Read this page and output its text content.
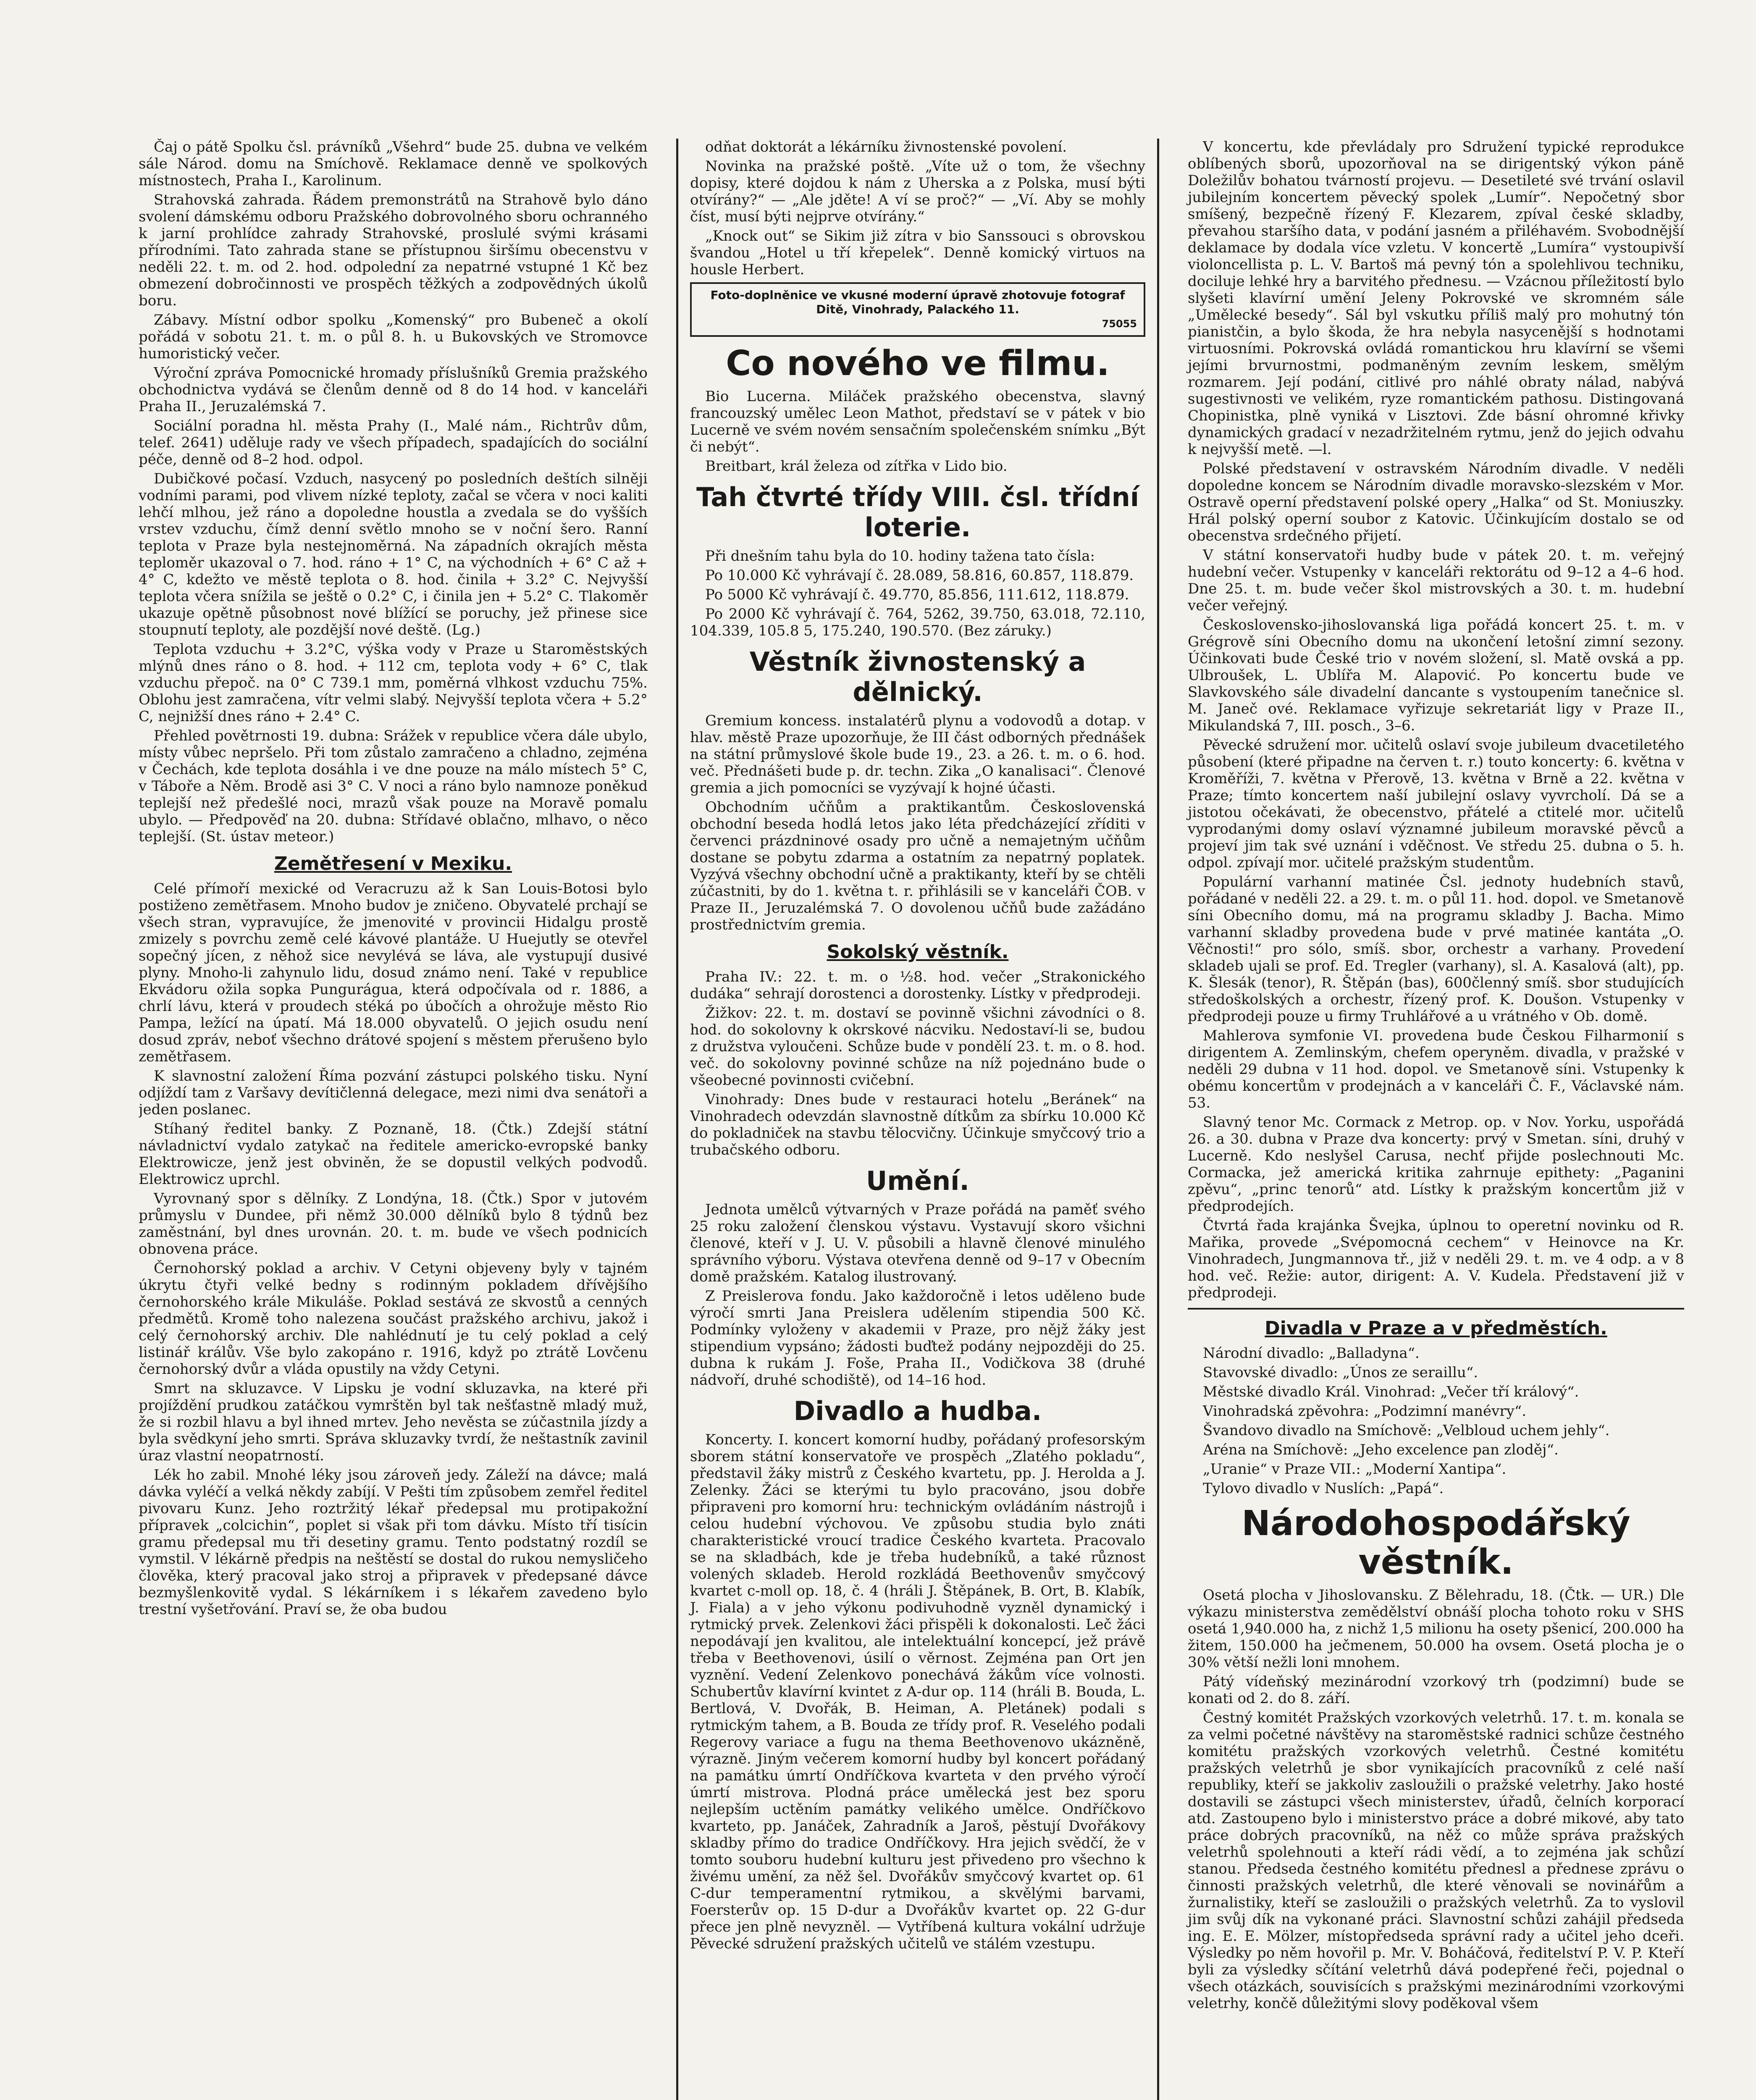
Čaj o pátě Spolku čsl. právníků „Všehrd“ bude 25. dubna ve velkém sále Národ. domu na Smíchově. Reklamace denně ve spolkových místnostech, Praha I., Karolinum.

Strahovská zahrada. Řádem premonstrátů na Strahově bylo dáno svolení dámskému odboru Pražského dobrovolného sboru ochranného k jarní prohlídce zahrady Strahovské, proslulé svými krásami přírodními. Tato zahrada stane se přístupnou širšímu obecenstvu v neděli 22. t. m. od 2. hod. odpolední za nepatrné vstupné 1 Kč bez obmezení dobročinnosti ve prospěch těžkých a zodpovědných úkolů boru.

Zábavy. Místní odbor spolku „Komenský“ pro Bubeneč a okolí pořádá v sobotu 21. t. m. o půl 8. h. u Bukovských ve Stromovce humoristický večer.

Výroční zpráva Pomocnické hromady příslušníků Gremia pražského obchodnictva vydává se členům denně od 8 do 14 hod. v kanceláři Praha II., Jeruzalémská 7.

Sociální poradna hl. města Prahy (I., Malé nám., Richtrův dům, telef. 2641) uděluje rady ve všech případech, spadajících do sociální péče, denně od 8–2 hod. odpol.

Dubičkové počasí. Vzduch, nasycený po posledních deštích silněji vodními parami, pod vlivem nízké teploty, začal se včera v noci kaliti lehčí mlhou, jež ráno a dopoledne houstla a zvedala se do vyšších vrstev vzduchu, čímž denní světlo mnoho se v noční šero. Ranní teplota v Praze byla nestejnoměrná. Na západních okrajích města teploměr ukazoval o 7. hod. ráno + 1° C, na východních + 6° C až + 4° C, kdežto ve městě teplota o 8. hod. činila + 3.2° C. Nejvyšší teplota včera snížila se ještě o 0.2° C, i činila jen + 5.2° C. Tlakoměr ukazuje opětně působnost nové blížící se poruchy, jež přinese sice stoupnutí teploty, ale pozdější nové deště. (Lg.)

Teplota vzduchu + 3.2°C, výška vody v Praze u Staroměstských mlýnů dnes ráno o 8. hod. + 112 cm, teplota vody + 6° C, tlak vzduchu přepoč. na 0° C 739.1 mm, poměrná vlhkost vzduchu 75%. Oblohu jest zamračena, vítr velmi slabý. Nejvyšší teplota včera + 5.2° C, nejnižší dnes ráno + 2.4° C.

Přehled povětrnosti 19. dubna: Srážek v republice včera dále ubylo, místy vůbec nepršelo. Při tom zůstalo zamračeno a chladno, zejména v Čechách, kde teplota dosáhla i ve dne pouze na málo místech 5° C, v Táboře a Něm. Brodě asi 3° C. V noci a ráno bylo namnoze poněkud teplejší než předešlé noci, mrazů však pouze na Moravě pomalu ubylo. — Předpověď na 20. dubna: Střídavé oblačno, mlhavo, o něco teplejší. (St. ústav meteor.)

Zemětřesení v Mexiku.

Celé přímoří mexické od Veracruzu až k San Louis-Botosi bylo postiženo zemětřasem. Mnoho budov je zničeno. Obyvatelé prchají se všech stran, vypravujíce, že jmenovité v provincii Hidalgu prostě zmizely s povrchu země celé kávové plantáže. U Huejutly se otevřel sopečný jícen, z něhož sice nevylévá se láva, ale vystupují dusivé plyny. Mnoho-li zahynulo lidu, dosud známo není. Také v republice Ekvádoru ožila sopka Pungurágua, která odpočívala od r. 1886, a chrlí lávu, která v proudech stéká po úbočích a ohrožuje město Rio Pampa, ležící na úpatí. Má 18.000 obyvatelů. O jejich osudu není dosud zpráv, neboť všechno drátové spojení s městem přerušeno bylo zemětřasem.

K slavnostní založení Říma pozvání zástupci polského tisku. Nyní odjíždí tam z Varšavy devítičlenná delegace, mezi nimi dva senátoři a jeden poslanec.

Stíhaný ředitel banky. Z Poznaně, 18. (Čtk.) Zdejší státní návladnictví vydalo zatykač na ředitele americko-evropské banky Elektrowicze, jenž jest obviněn, že se dopustil velkých podvodů. Elektrowicz uprchl.

Vyrovnaný spor s dělníky. Z Londýna, 18. (Čtk.) Spor v jutovém průmyslu v Dundee, při němž 30.000 dělníků bylo 8 týdnů bez zaměstnání, byl dnes urovnán. 20. t. m. bude ve všech podnicích obnovena práce.

Černohorský poklad a archiv. V Cetyni objeveny byly v tajném úkrytu čtyři velké bedny s rodinným pokladem dřívějšího černohorského krále Mikuláše. Poklad sestává ze skvostů a cenných předmětů. Kromě toho nalezena součást pražského archivu, jakož i celý černohorský archiv. Dle nahlédnutí je tu celý poklad a celý listinář králův. Vše bylo zakopáno r. 1916, když po ztrátě Lovčenu černohorský dvůr a vláda opustily na vždy Cetyni.

Smrt na skluzavce. V Lipsku je vodní skluzavka, na které při projíždění prudkou zatáčkou vymrštěn byl tak nešťastně mladý muž, že si rozbil hlavu a byl ihned mrtev. Jeho nevěsta se zúčastnila jízdy a byla svědkyní jeho smrti. Správa skluzavky tvrdí, že neštastník zavinil úraz vlastní neopatrností.

Lék ho zabil. Mnohé léky jsou zároveň jedy. Záleží na dávce; malá dávka vyléčí a velká někdy zabíjí. V Pešti tím způsobem zemřel ředitel pivovaru Kunz. Jeho roztržitý lékař předepsal mu protipakožní přípravek „colcichin“, poplet si však při tom dávku. Místo tří tisícin gramu předepsal mu tři desetiny gramu. Tento podstatný rozdíl se vymstil. V lékárně předpis na neštěstí se dostal do rukou nemysličeho člověka, který pracoval jako stroj a připravek v předepsané dávce bezmyšlenkovitě vydal. S lékárníkem i s lékařem zavedeno bylo trestní vyšetřování. Praví se, že oba budou

odňat doktorát a lékárníku živnostenské povolení.

Novinka na pražské poště. „Víte už o tom, že všechny dopisy, které dojdou k nám z Uherska a z Polska, musí býti otvírány?“ — „Ale jděte! A ví se proč?“ — „Ví. Aby se mohly číst, musí býti nejprve otvírány.“

„Knock out“ se Sikim již zítra v bio Sanssouci s obrovskou švandou „Hotel u tří křepelek“. Denně komický virtuos na housle Herbert.

Foto-doplněnice ve vkusné moderní úpravě zhotovuje fotograf Ditě, Vinohrady, Palackého 11.
75055
Co nového ve filmu.

Bio Lucerna. Miláček pražského obecenstva, slavný francouzský umělec Leon Mathot, představí se v pátek v bio Lucerně ve svém novém sensačním společenském snímku „Být či nebýt“.

Breitbart, král železa od zítřka v Lido bio.

Tah čtvrté třídy VIII. čsl. třídní loterie.

Při dnešním tahu byla do 10. hodiny tažena tato čísla:

Po 10.000 Kč vyhrávají č. 28.089, 58.816, 60.857, 118.879.

Po 5000 Kč vyhrávají č. 49.770, 85.856, 111.612, 118.879.

Po 2000 Kč vyhrávají č. 764, 5262, 39.750, 63.018, 72.110, 104.339, 105.8 5, 175.240, 190.570. (Bez záruky.)

Věstník živnostenský a dělnický.

Gremium koncess. instalatérů plynu a vodovodů a dotap. v hlav. městě Praze upozorňuje, že III část odborných přednášek na státní průmyslové škole bude 19., 23. a 26. t. m. o 6. hod. več. Přednášeti bude p. dr. techn. Zika „O kanalisaci“. Členové gremia a jich pomocníci se vyzývají k hojné účasti.

Obchodním učňům a praktikantům. Československá obchodní beseda hodlá letos jako léta předcházející zříditi v červenci prázdninové osady pro učně a nemajetným učňům dostane se pobytu zdarma a ostatním za nepatrný poplatek. Vyzývá všechny obchodní učně a praktikanty, kteří by se chtěli zúčastniti, by do 1. května t. r. přihlásili se v kanceláři ČOB. v Praze II., Jeruzalémská 7. O dovolenou učňů bude zažádáno prostřednictvím gremia.

Sokolský věstník.

Praha IV.: 22. t. m. o ½8. hod. večer „Strakonického dudáka“ sehrají dorostenci a dorostenky. Lístky v předprodeji.

Žižkov: 22. t. m. dostaví se povinně všichni závodníci o 8. hod. do sokolovny k okrskové nácviku. Nedostaví-li se, budou z družstva vyloučeni. Schůze bude v pondělí 23. t. m. o 8. hod. več. do sokolovny povinné schůze na níž pojednáno bude o všeobecné povinnosti cvičební.

Vinohrady: Dnes bude v restauraci hotelu „Beránek“ na Vinohradech odevzdán slavnostně dítkům za sbírku 10.000 Kč do pokladniček na stavbu tělocvičny. Účinkuje smyčcový trio a trubačského odboru.

Umění.

Jednota umělců výtvarných v Praze pořádá na paměť svého 25 roku založení členskou výstavu. Vystavují skoro všichni členové, kteří v J. U. V. působili a hlavně členové minulého správního výboru. Výstava otevřena denně od 9–17 v Obecním domě pražském. Katalog ilustrovaný.

Z Preislerova fondu. Jako každoročně i letos uděleno bude výročí smrti Jana Preislera udělením stipendia 500 Kč. Podmínky vyloženy v akademii v Praze, pro nějž žáky jest stipendium vypsáno; žádosti buďtež podány nejpozději do 25. dubna k rukám J. Foše, Praha II., Vodičkova 38 (druhé nádvoří, druhé schodiště), od 14–16 hod.

Divadlo a hudba.

Koncerty. I. koncert komorní hudby, pořádaný profesorským sborem státní konservatoře ve prospěch „Zlatého pokladu“, představil žáky mistrů z Českého kvartetu, pp. J. Herolda a J. Zelenky. Žáci se kterými tu bylo pracováno, jsou dobře připraveni pro komorní hru: technickým ovládáním nástrojů i celou hudební výchovou. Ve způsobu studia bylo znáti charakteristické vroucí tradice Českého kvarteta. Pracovalo se na skladbách, kde je třeba hudebníků, a také různost volených skladeb. Herold rozkládá Beethovenův smyčcový kvartet c-moll op. 18, č. 4 (hráli J. Štěpánek, B. Ort, B. Klabík, J. Fiala) a v jeho výkonu podivuhodně vyzněl dynamický i rytmický prvek. Zelenkovi žáci přispěli k dokonalosti. Leč žáci nepodávají jen kvalitou, ale intelektuální koncepcí, jež právě třeba v Beethovenovi, úsilí o věrnost. Zejména pan Ort jen vyznění. Vedení Zelenkovo ponechává žákům více volnosti. Schubertův klavírní kvintet z A-dur op. 114 (hráli B. Bouda, L. Bertlová, V. Dvořák, B. Heiman, A. Pletánek) podali s rytmickým tahem, a B. Bouda ze třídy prof. R. Veselého podali Regerovy variace a fugu na thema Beethovenovo ukázněně, výrazně. Jiným večerem komorní hudby byl koncert pořádaný na památku úmrtí Ondříčkova kvarteta v den prvého výročí úmrtí mistrova. Plodná práce umělecká jest bez sporu nejlepším uctěním památky velikého umělce. Ondříčkovo kvarteto, pp. Janáček, Zahradník a Jaroš, pěstují Dvořákovy skladby přímo do tradice Ondříčkovy. Hra jejich svědčí, že v tomto souboru hudební kulturu jest přivedeno pro všechno k živému umění, za něž šel. Dvořákův smyčcový kvartet op. 61 C-dur temperamentní rytmikou, a skvělými barvami, Foersterův op. 15 D-dur a Dvořákův kvartet op. 22 G-dur přece jen plně nevyzněl. — Vytříbená kultura vokální udržuje Pěvecké sdružení pražských učitelů ve stálém vzestupu.

V koncertu, kde převládaly pro Sdružení typické reprodukce oblíbených sborů, upozorňoval na se dirigentský výkon páně Doležilův bohatou tvárností projevu. — Desetileté své trvání oslavil jubilejním koncertem pěvecký spolek „Lumír“. Nepočetný sbor smíšený, bezpečně řízený F. Klezarem, zpíval české skladby, převahou staršího data, v podání jasném a přiléhavém. Svobodnější deklamace by dodala více vzletu. V koncertě „Lumíra“ vystoupivší violoncellista p. L. V. Bartoš má pevný tón a spolehlivou techniku, dociluje lehké hry a barvitého přednesu. — Vzácnou příležitostí bylo slyšeti klavírní umění Jeleny Pokrovské ve skromném sále „Umělecké besedy“. Sál byl vskutku příliš malý pro mohutný tón pianistčin, a bylo škoda, že hra nebyla nasycenější s hodnotami virtuosními. Pokrovská ovládá romantickou hru klavírní se všemi jejími brvurnostmi, podmaněným zevním leskem, smělým rozmarem. Její podání, citlivé pro náhlé obraty nálad, nabývá sugestivnosti ve velikém, ryze romantickém pathosu. Distingovaná Chopinistka, plně vyniká v Lisztovi. Zde básní ohromné křivky dynamických gradací v nezadržitelném rytmu, jenž do jejich odvahu k nejvyšší metě. —l.

Polské představení v ostravském Národním divadle. V neděli dopoledne koncem se Národním divadle moravsko-slezském v Mor. Ostravě operní představení polské opery „Halka“ od St. Moniuszky. Hrál polský operní soubor z Katovic. Účinkujícím dostalo se od obecenstva srdečného přijetí.

V státní konservatoři hudby bude v pátek 20. t. m. veřejný hudební večer. Vstupenky v kanceláři rektorátu od 9–12 a 4–6 hod. Dne 25. t. m. bude večer škol mistrovských a 30. t. m. hudební večer veřejný.

Československo-jihoslovanská liga pořádá koncert 25. t. m. v Grégrově síni Obecního domu na ukončení letošní zimní sezony. Účinkovati bude České trio v novém složení, sl. Matě ovská a pp. Ulbroušek, L. Ublířa M. Alapović. Po koncertu bude ve Slavkovského sále divadelní dancante s vystoupením tanečnice sl. M. Janeč ové. Reklamace vyřizuje sekretariát ligy v Praze II., Mikulandská 7, III. posch., 3–6.

Pěvecké sdružení mor. učitelů oslaví svoje jubileum dvacetiletého působení (které připadne na červen t. r.) touto koncerty: 6. května v Kroměříži, 7. května v Přerově, 13. května v Brně a 22. května v Praze; tímto koncertem naší jubilejní oslavy vyvrcholí. Dá se a jistotou očekávati, že obecenstvo, přátelé a ctitelé mor. učitelů vyprodanými domy oslaví významné jubileum moravské pěvců a projeví jim tak své uznání i vděčnost. Ve středu 25. dubna o 5. h. odpol. zpívají mor. učitelé pražským studentům.

Populární varhanní matinée Čsl. jednoty hudebních stavů, pořádané v neděli 22. a 29. t. m. o půl 11. hod. dopol. ve Smetanově síni Obecního domu, má na programu skladby J. Bacha. Mimo varhanní skladby provedena bude v prvé matinée kantáta „O. Věčnosti!“ pro sólo, smíš. sbor, orchestr a varhany. Provedení skladeb ujali se prof. Ed. Tregler (varhany), sl. A. Kasalová (alt), pp. K. Šlesák (tenor), R. Štěpán (bas), 600členný smíš. sbor studujících středoškolských a orchestr, řízený prof. K. Doušon. Vstupenky v předprodeji pouze u firmy Truhlářové a u vrátného v Ob. domě.

Mahlerova symfonie VI. provedena bude Českou Filharmonií s dirigentem A. Zemlinským, chefem operyněm. divadla, v pražské v neděli 29 dubna v 11 hod. dopol. ve Smetanově síni. Vstupenky k obému koncertům v prodejnách a v kanceláři Č. F., Václavské nám. 53.

Slavný tenor Mc. Cormack z Metrop. op. v Nov. Yorku, uspořádá 26. a 30. dubna v Praze dva koncerty: prvý v Smetan. síni, druhý v Lucerně. Kdo neslyšel Carusa, nechť přijde poslechnouti Mc. Cormacka, jež americká kritika zahrnuje epithety: „Paganini zpěvu“, „princ tenorů“ atd. Lístky k pražským koncertům již v předprodejích.

Čtvrtá řada krajánka Švejka, úplnou to operetní novinku od R. Mařika, provede „Svépomocná cechem“ v Heinovce na Kr. Vinohradech, Jungmannova tř., již v neděli 29. t. m. ve 4 odp. a v 8 hod. več. Režie: autor, dirigent: A. V. Kudela. Představení již v předprodeji.

Divadla v Praze a v předměstích.

Národní divadlo: „Balladyna“.

Stavovské divadlo: „Únos ze seraillu“.

Městské divadlo Král. Vinohrad: „Večer tří králový“.

Vinohradská zpěvohra: „Podzimní manévry“.

Švandovo divadlo na Smíchově: „Velbloud uchem jehly“.

Aréna na Smíchově: „Jeho excelence pan zloděj“.

„Uranie“ v Praze VII.: „Moderní Xantipa“.

Tylovo divadlo v Nuslích: „Papá“.

Národohospodářský věstník.

Osetá plocha v Jihoslovansku. Z Bělehradu, 18. (Čtk. — UR.) Dle výkazu ministerstva zemědělství obnáší plocha tohoto roku v SHS osetá 1,940.000 ha, z nichž 1,5 milionu ha osety pšenicí, 200.000 ha žitem, 150.000 ha ječmenem, 50.000 ha ovsem. Osetá plocha je o 30% větší nežli loni mnohem.

Pátý vídeňský mezinárodní vzorkový trh (podzimní) bude se konati od 2. do 8. září.

Čestný komitét Pražských vzorkových veletrhů. 17. t. m. konala se za velmi početné návštěvy na staroměstské radnici schůze čestného komitétu pražských vzorkových veletrhů. Čestné komitétu pražských veletrhů je sbor vynikajících pracovníků z celé naší republiky, kteří se jakkoliv zasloužili o pražské veletrhy. Jako hosté dostavili se zástupci všech ministerstev, úřadů, čelních korporací atd. Zastoupeno bylo i ministerstvo práce a dobré mikové, aby tato práce dobrých pracovníků, na něž co může správa pražských veletrhů spolehnouti a kteří rádi vědí, a to zejména jak schůzí stanou. Předseda čestného komitétu přednesl a přednese zprávu o činnosti pražských veletrhů, dle které věnovali se novinářům a žurnalistiky, kteří se zasloužili o pražských veletrhů. Za to vyslovil jim svůj dík na vykonané práci. Slavnostní schůzi zahájil předseda ing. E. E. Mölzer, místopředseda správní rady a učitel jeho dceři. Výsledky po něm hovořil p. Mr. V. Boháčová, ředitelství P. V. P. Kteří byli za výsledky sčítání veletrhů dává podepřené řeči, pojednal o všech otázkách, souvisících s pražskými mezinárodními vzorkovými veletrhy, končě důležitými slovy poděkoval všem
